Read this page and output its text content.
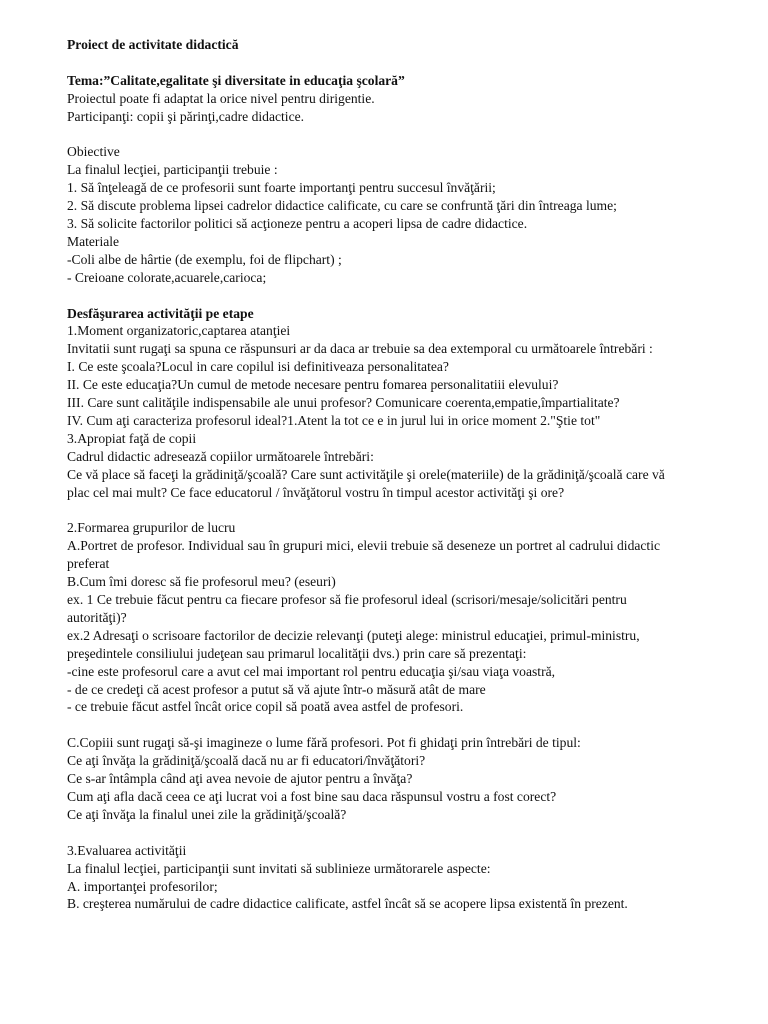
Proiect de activitate didactică
Tema:”Calitate,egalitate şi diversitate in educaţia şcolară”
Proiectul poate fi adaptat la orice nivel pentru dirigentie.
Participanţi: copii şi părinţi,cadre didactice.
Obiective
La finalul lecţiei, participanţii trebuie :
1. Să înţeleagă de ce profesorii sunt foarte importanţi pentru succesul învăţării;
2. Să discute problema lipsei cadrelor didactice calificate, cu care se confruntă ţări din întreaga lume;
3. Să solicite factorilor politici să acţioneze pentru a acoperi lipsa de cadre didactice.
Materiale
-Coli albe de hârtie (de exemplu, foi de flipchart) ;
- Creioane colorate,acuarele,carioca;
Desfăşurarea activităţii pe etape
1.Moment organizatoric,captarea atanţiei
Invitatii sunt rugaţi sa spuna ce răspunsuri ar da daca ar trebuie sa dea extemporal cu următoarele întrebări :
I. Ce este şcoala?Locul in care copilul isi definitiveaza personalitatea?
II. Ce este educaţia?Un cumul de metode necesare pentru fomarea personalitatiii elevului?
III. Care sunt calităţile indispensabile ale unui profesor? Comunicare coerenta,empatie,împartialitate?
IV. Cum aţi caracteriza profesorul ideal?1.Atent la tot ce e in jurul lui in orice moment 2."Ştie tot"
3.Apropiat faţă de copii
Cadrul didactic adresează copiilor următoarele întrebări:
Ce vă place să faceţi la grădiniţă/şcoală? Care sunt activităţile şi orele(materiile) de la grădiniţă/şcoală care vă
plac cel mai mult? Ce face educatorul / învăţătorul vostru în timpul acestor activităţi şi ore?
2.Formarea grupurilor de lucru
A.Portret de profesor. Individual sau în grupuri mici, elevii trebuie să deseneze un portret al cadrului didactic
preferat
B.Cum îmi doresc să fie profesorul meu? (eseuri)
ex. 1 Ce trebuie făcut pentru ca fiecare profesor să fie profesorul ideal (scrisori/mesaje/solicitări pentru
autorităţi)?
ex.2 Adresaţi o scrisoare factorilor de decizie relevanţi (puteţi alege: ministrul educaţiei, primul-ministru,
preşedintele consiliului judeţean sau primarul localităţii dvs.) prin care să prezentaţi:
-cine este profesorul care a avut cel mai important rol pentru educaţia şi/sau viaţa voastră,
- de ce credeţi că acest profesor a putut să vă ajute într-o măsură atât de mare
- ce trebuie făcut astfel încât orice copil să poată avea astfel de profesori.
C.Copiii sunt rugaţi să-şi imagineze o lume fără profesori. Pot fi ghidaţi prin întrebări de tipul:
Ce aţi învăţa la grădiniţă/şcoală dacă nu ar fi educatori/învăţători?
Ce s-ar întâmpla când aţi avea nevoie de ajutor pentru a învăţa?
Cum aţi afla dacă ceea ce aţi lucrat voi a fost bine sau daca răspunsul vostru a fost corect?
Ce aţi învăţa la finalul unei zile la grădiniţă/şcoală?
3.Evaluarea activităţii
La finalul lecţiei, participanţii sunt invitati să sublinieze următorarele aspecte:
A. importanţei profesorilor;
B. creşterea numărului de cadre didactice calificate, astfel încât să se acopere lipsa existentă în prezent.
